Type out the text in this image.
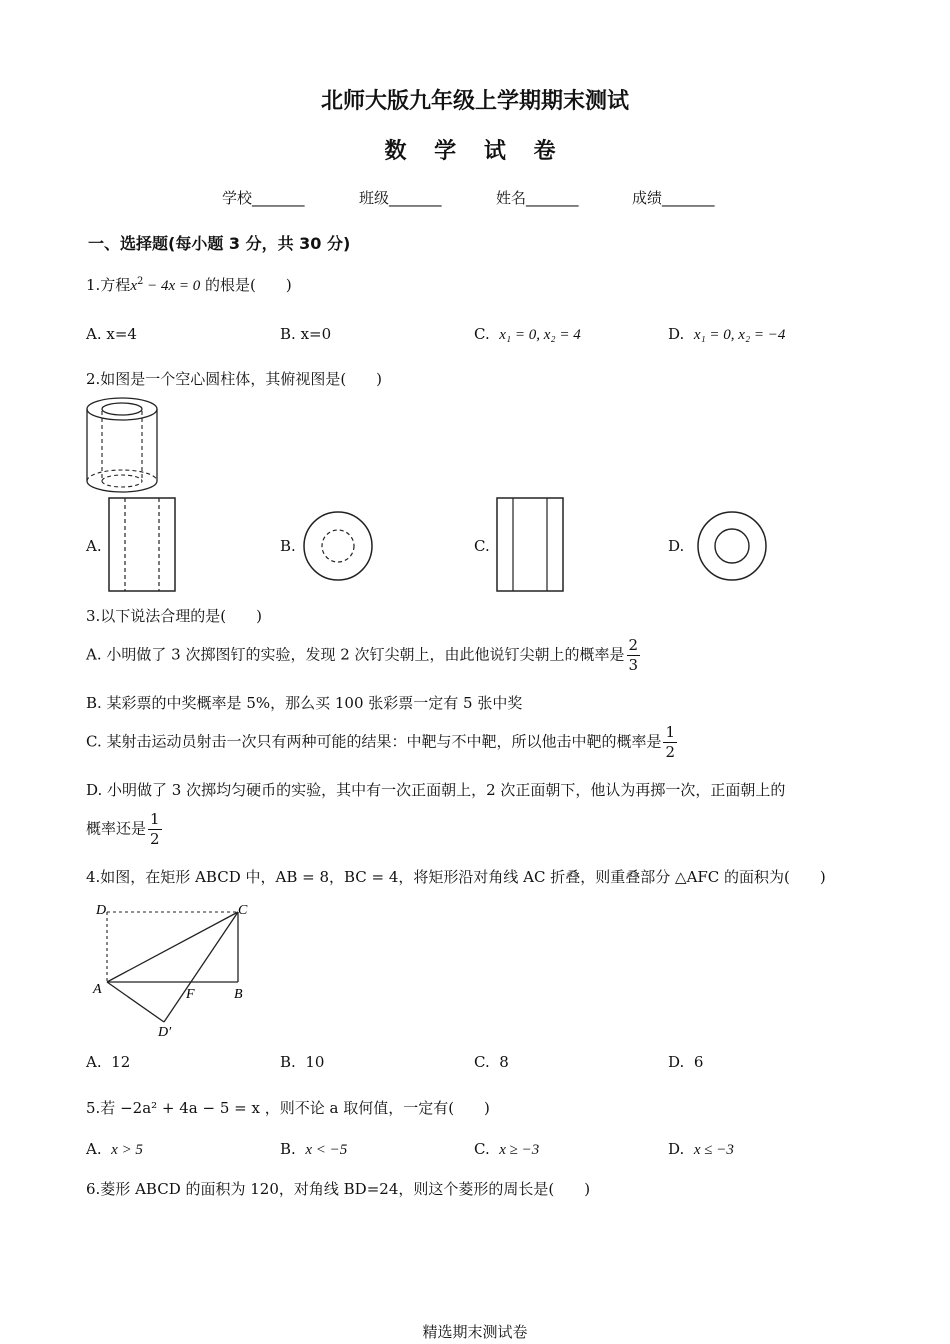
北师大版九年级上学期期末测试
数 学 试 卷
学校_______	班级_______	姓名_______	成绩_______
一、选择题(每小题 3 分，共 30 分)
1.方程$x^2 - 4x = 0$ 的根是(　　)
A. x=4	B. x=0	C. x₁ = 0, x₂ = 4	D. x₁ = 0, x₂ = −4
2.如图是一个空心圆柱体，其俯视图是(　　)
A.	B.	C.	D.
3.以下说法合理的是(　　)
A. 小明做了 3 次掷图钉的实验，发现 2 次钉尖朝上，由此他说钉尖朝上的概率是 $\frac{2}{3}$
B. 某彩票的中奖概率是 5%，那么买 100 张彩票一定有 5 张中奖
C. 某射击运动员射击一次只有两种可能的结果：中靶与不中靶，所以他击中靶的概率是 $\frac{1}{2}$
D. 小明做了 3 次掷均匀硬币的实验，其中有一次正面朝上，2 次正面朝下，他认为再掷一次，正面朝上的
概率还是 $\frac{1}{2}$
4.如图，在矩形 ABCD 中，AB = 8，BC = 4，将矩形沿对角线 AC 折叠，则重叠部分 △AFC 的面积为(　　)
D	C
A	F	B
D′
A. 12	B. 10	C. 8	D. 6
5.若 −2a² + 4a − 5 = x ，则不论 a 取何值，一定有(　　)
A. x > 5	B. x < −5	C. x ≥ −3	D. x ≤ −3
6.菱形 ABCD 的面积为 120，对角线 BD=24，则这个菱形的周长是(　　)
精选期末测试卷
